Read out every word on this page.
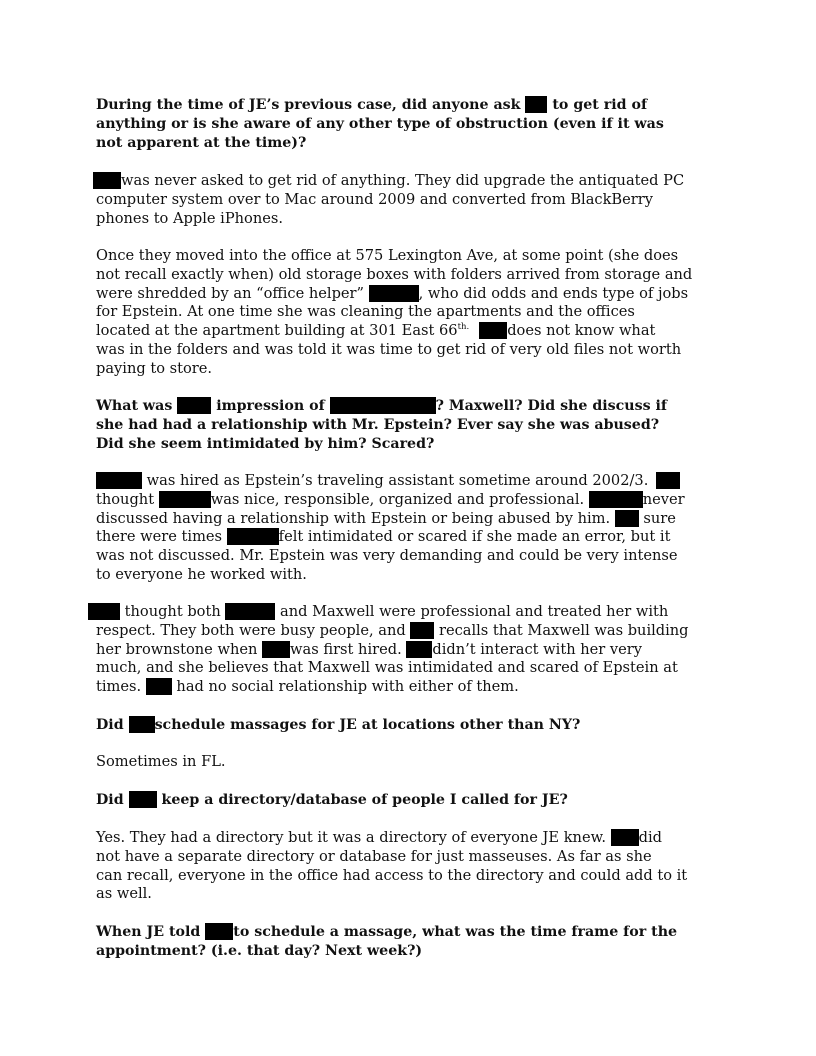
During the time of JE’s previous case, did anyone ask  to get rid of
anything or is she aware of any other type of obstruction (even if it was
not apparent at the time)?
was never asked to get rid of anything. They did upgrade the antiquated PC
computer system over to Mac around 2009 and converted from BlackBerry
phones to Apple iPhones.
Once they moved into the office at 575 Lexington Ave, at some point (she does
not recall exactly when) old storage boxes with folders arrived from storage and
were shredded by an “office helper”	, who did odds and ends type of jobs
for Epstein. At one time she was cleaning the apartments and the offices
located at the apartment building at 301 East $66^{th.}$	does not know what
was in the folders and was told it was time to get rid of very old files not worth
paying to store.
What was  impression of	? Maxwell? Did she discuss if
she had had a relationship with Mr. Epstein? Ever say she was abused?
Did she seem intimidated by him? Scared?
was hired as Epstein’s traveling assistant sometime around 2002/3.
thought	was nice, responsible, organized and professional.	never
discussed having a relationship with Epstein or being abused by him.  sure
there were times	felt intimidated or scared if she made an error, but it
was not discussed. Mr. Epstein was very demanding and could be very intense
to everyone he worked with.
thought both	and Maxwell were professional and treated her with
respect. They both were busy people, and  recalls that Maxwell was building
her brownstone when was first hired. didn’t interact with her very
much, and she believes that Maxwell was intimidated and scared of Epstein at
times.  had no social relationship with either of them.
Did schedule massages for JE at locations other than NY?
Sometimes in FL.
Did  keep a directory/database of people I called for JE?
Yes. They had a directory but it was a directory of everyone JE knew. did
not have a separate directory or database for just masseuses. As far as she
can recall, everyone in the office had access to the directory and could add to it
as well.
When JE told to schedule a massage, what was the time frame for the
appointment? (i.e. that day? Next week?)
